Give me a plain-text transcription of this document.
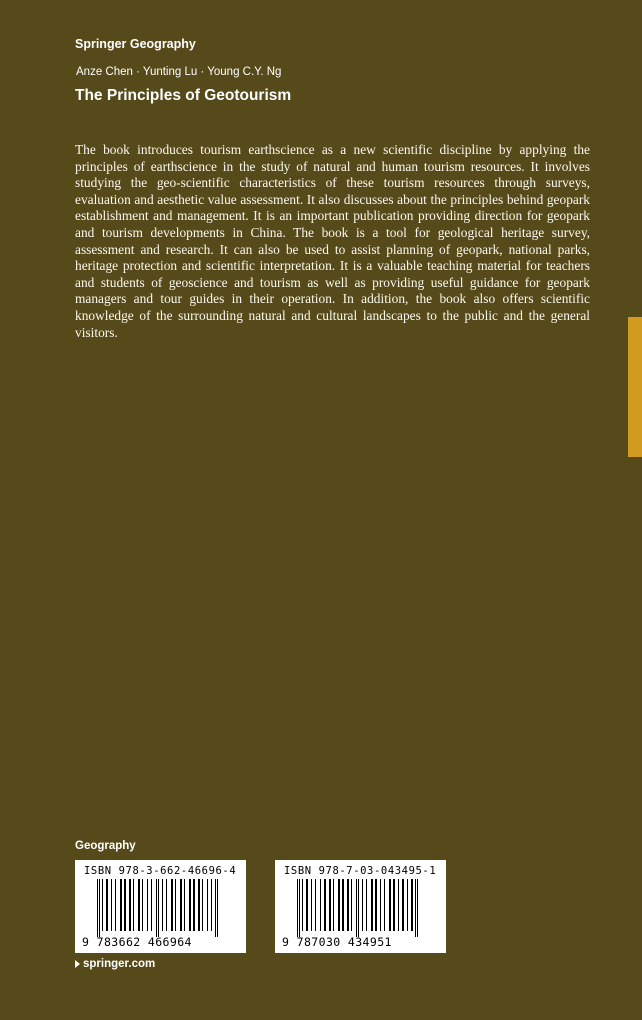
Springer Geography
Anze Chen · Yunting Lu · Young C.Y. Ng
The Principles of Geotourism
The book introduces tourism earthscience as a new scientific discipline by applying the principles of earthscience in the study of natural and human tourism resources. It involves studying the geo-scientific characteristics of these tourism resources through surveys, evaluation and aesthetic value assessment. It also discusses about the principles behind geopark establishment and management. It is an important publication providing direction for geopark and tourism developments in China. The book is a tool for geological heritage survey, assessment and research. It can also be used to assist planning of geopark, national parks, heritage protection and scientific interpretation. It is a valuable teaching material for teachers and students of geoscience and tourism as well as providing useful guidance for geopark managers and tour guides in their operation. In addition, the book also offers scientific knowledge of the surrounding natural and cultural landscapes to the public and the general visitors.
Geography
ISBN 978-3-662-46696-4
9 783662 466964
ISBN 978-7-03-043495-1
9 787030 434951
springer.com
